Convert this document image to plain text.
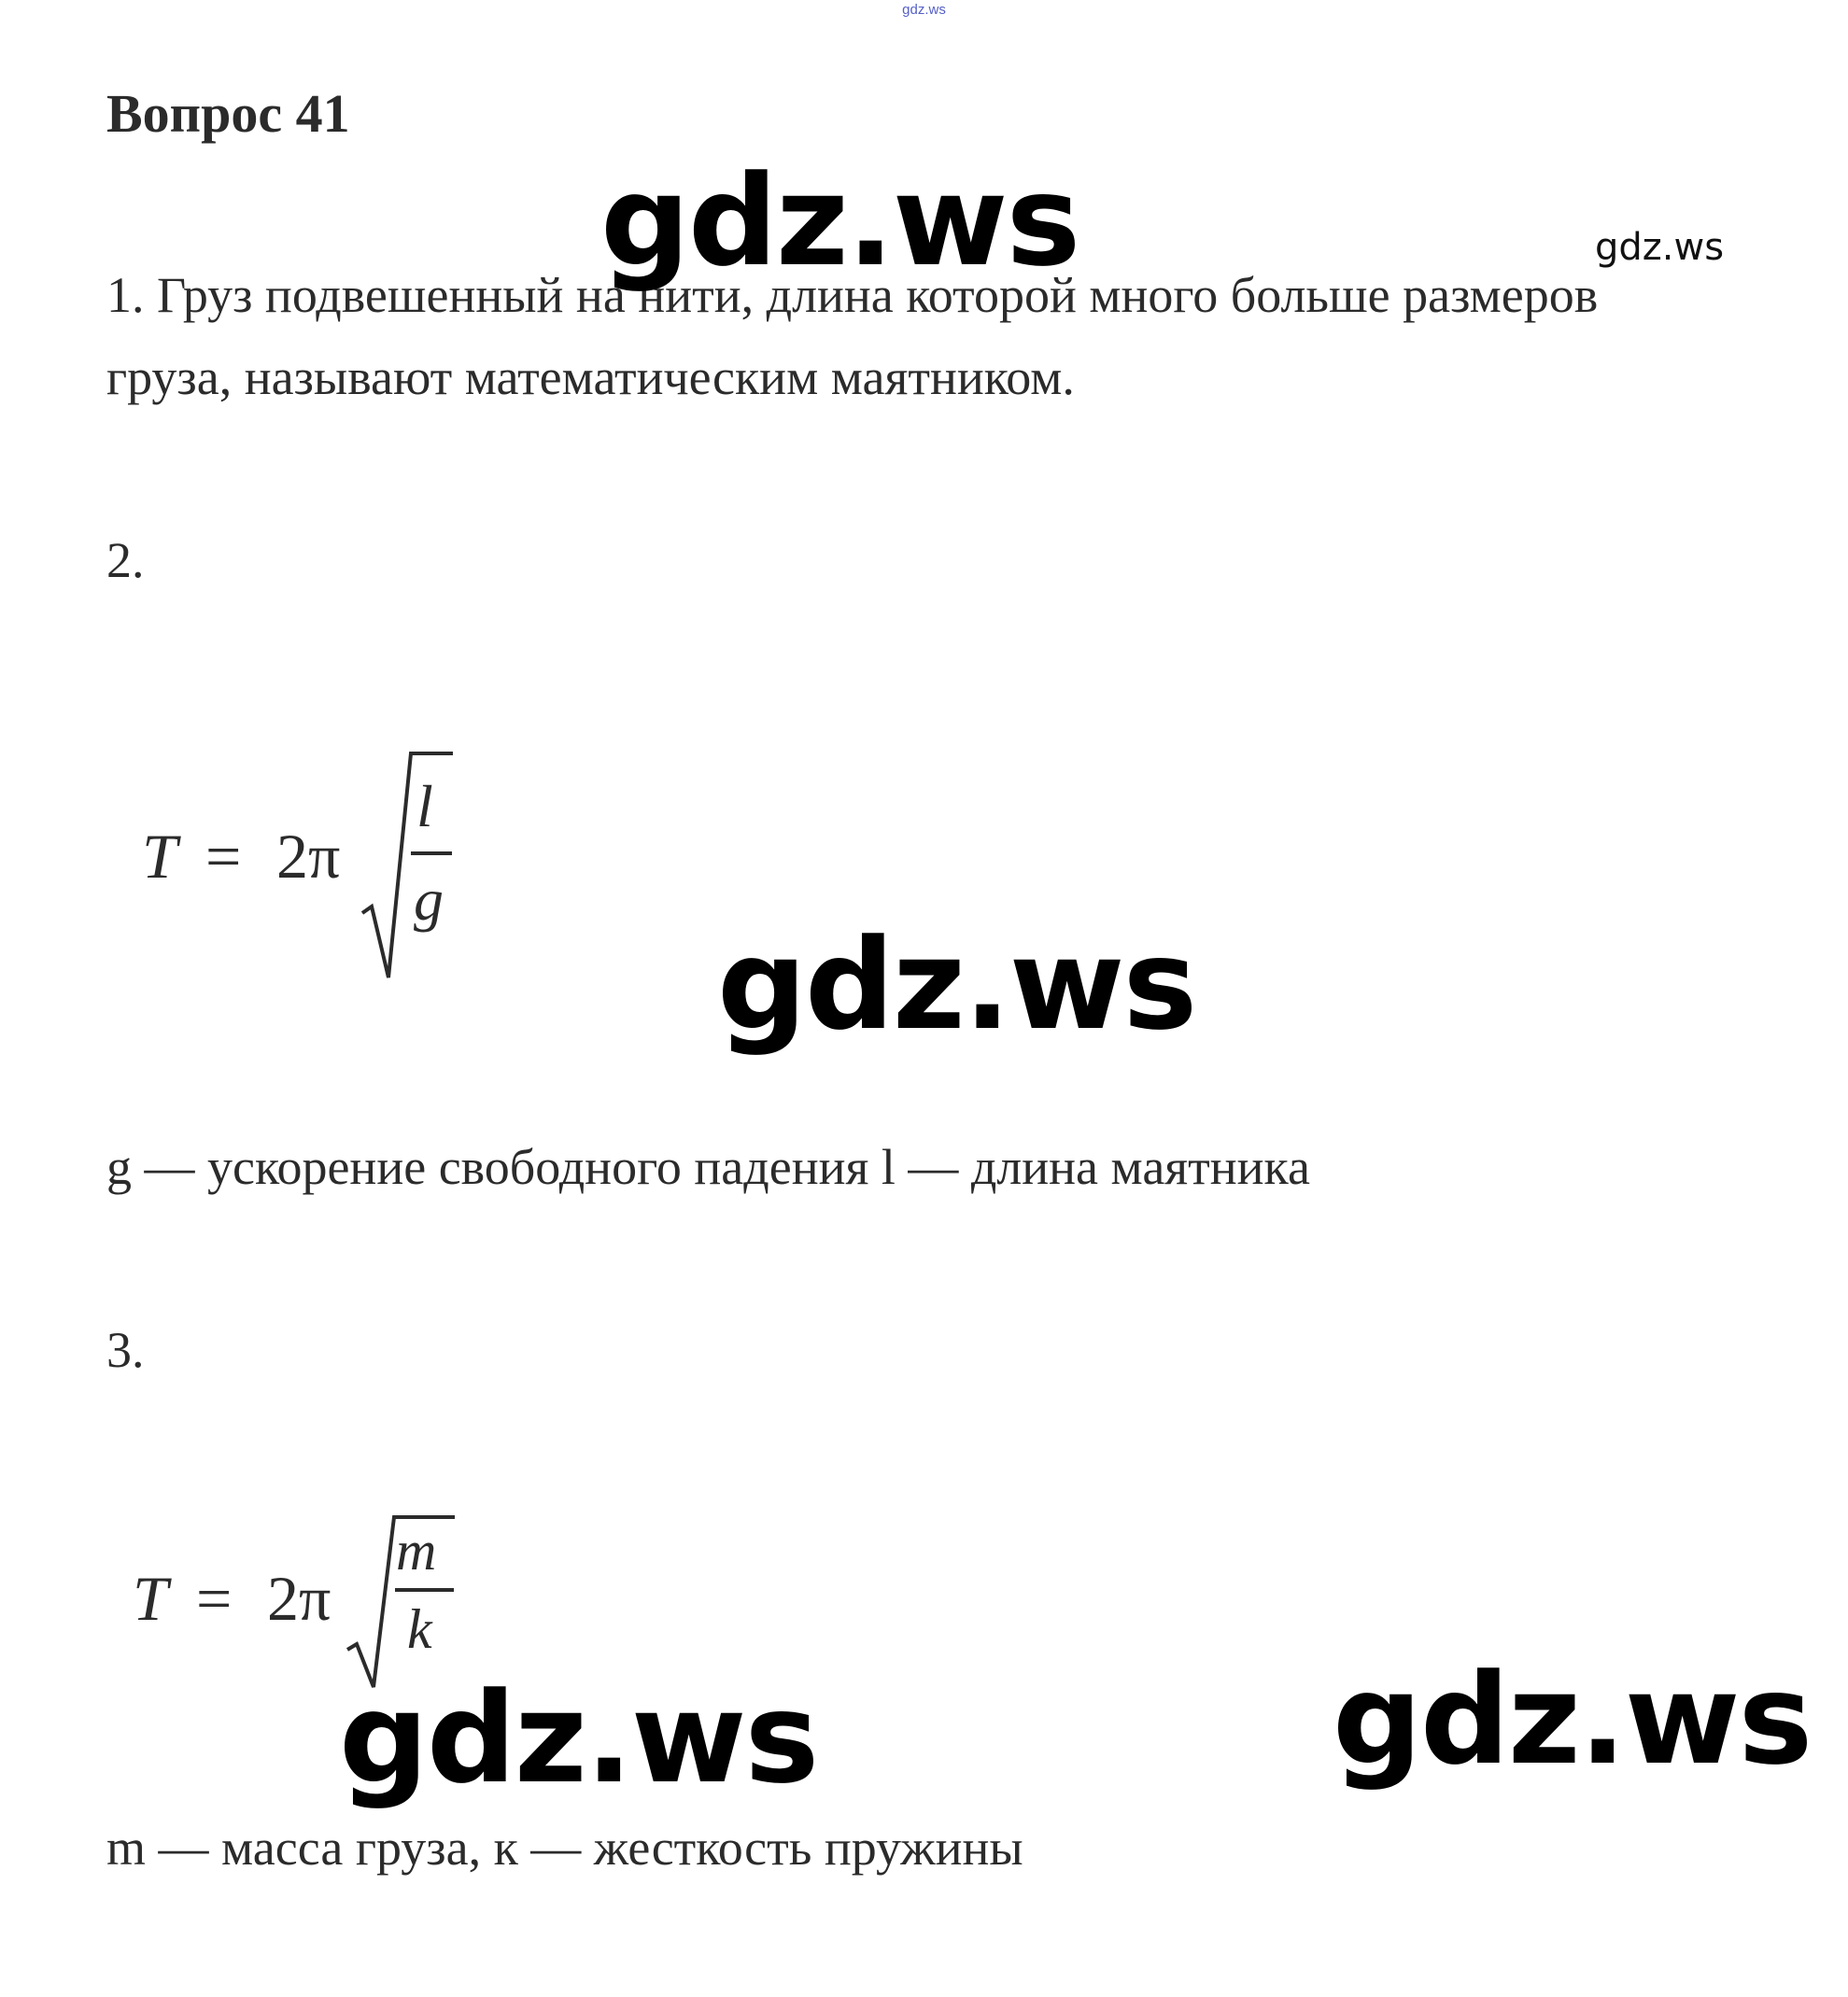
gdz.ws
Вопрос 41
1. Груз подвешенный на нити, длина которой много больше размеров
груза, называют математическим маятником.
2.
T = 2π
l
g
g — ускорение свободного падения l — длина маятника
3.
T = 2π
m
k
m — масса груза, к — жесткость пружины
gdz.ws	gdz.ws
gdz.ws
gdz.ws	gdz.ws
